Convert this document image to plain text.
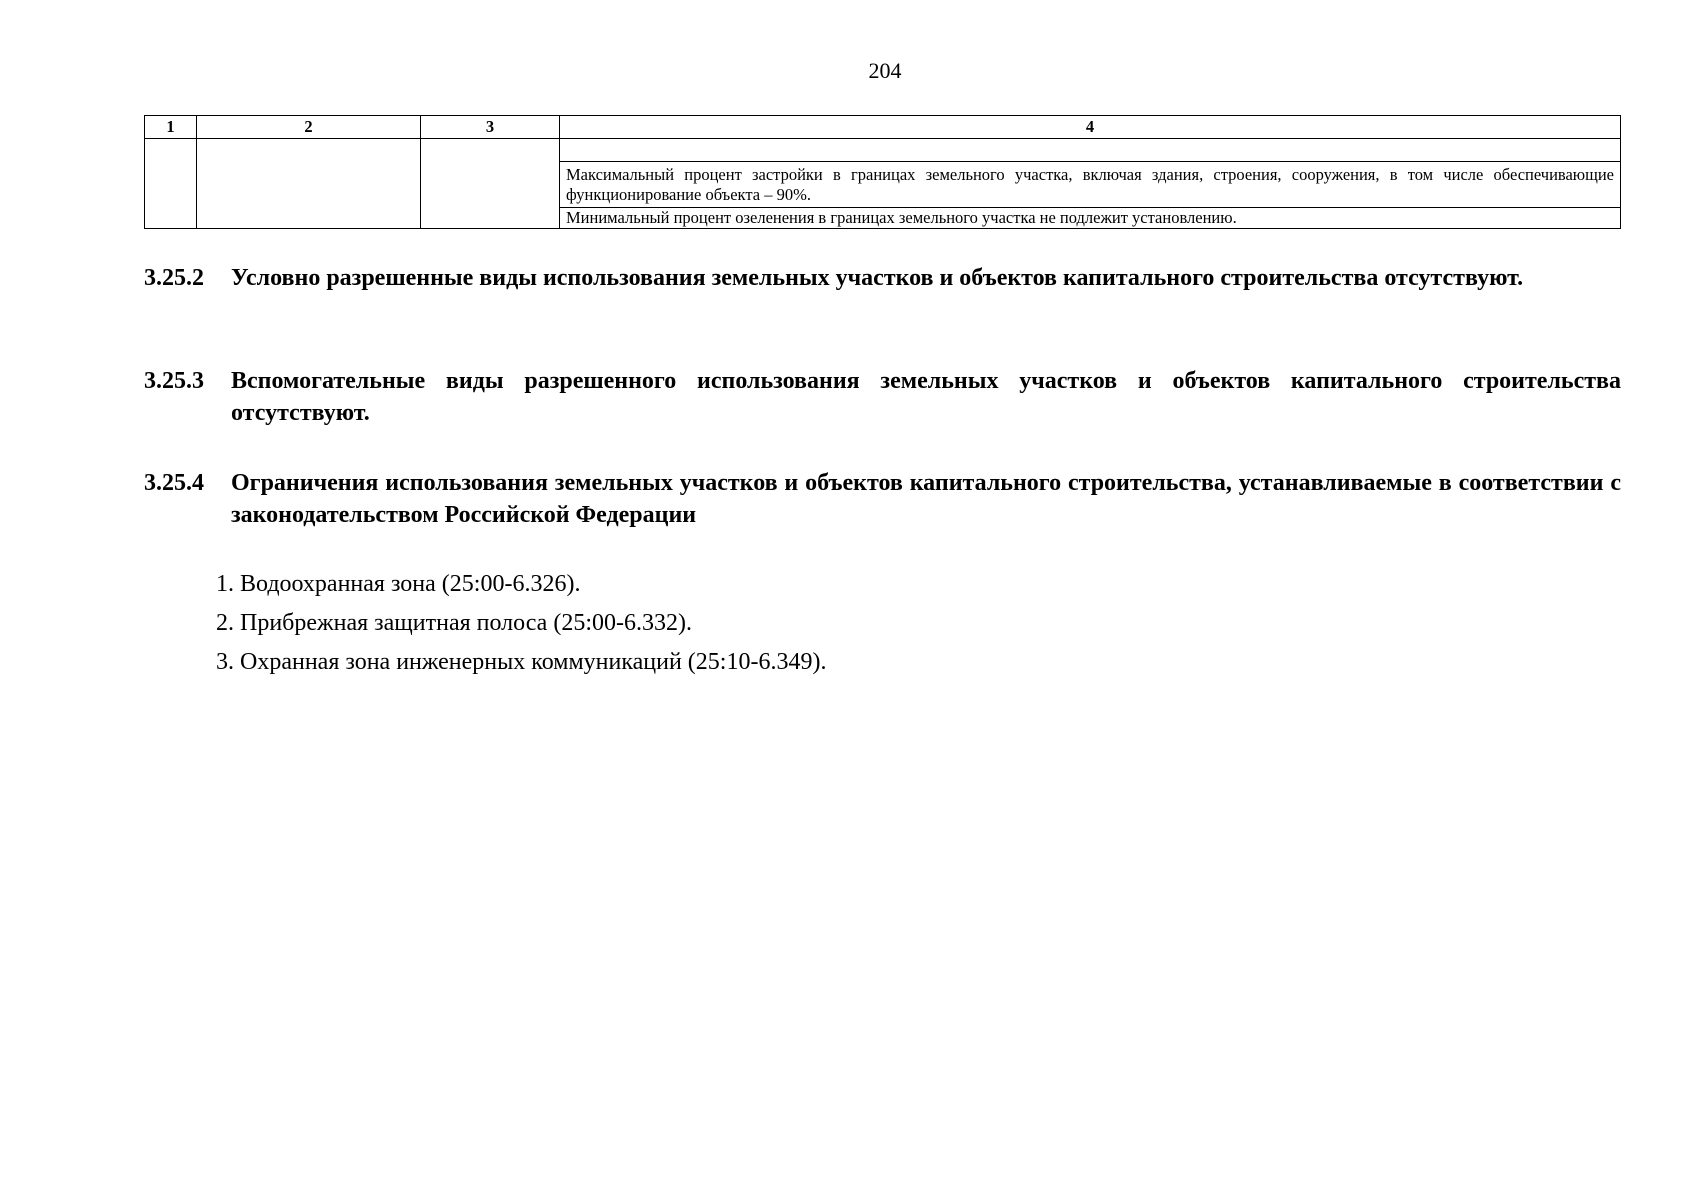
204
1	2	3	4

			Максимальный процент застройки в границах земельного участка, включая здания, строения, сооружения, в том числе обеспечивающие функционирование объекта – 90%.
			Минимальный процент озеленения в границах земельного участка не подлежит установлению.
3.25.2 Условно разрешенные виды использования земельных участков и объектов капитального строительства отсутствуют.
3.25.3 Вспомогательные виды разрешенного использования земельных участков и объектов капитального строительства отсутствуют.
3.25.4 Ограничения использования земельных участков и объектов капитального строительства, устанавливаемые в соответствии с законодательством Российской Федерации
1. Водоохранная зона (25:00-6.326).
2. Прибрежная защитная полоса (25:00-6.332).
3. Охранная зона инженерных коммуникаций (25:10-6.349).
